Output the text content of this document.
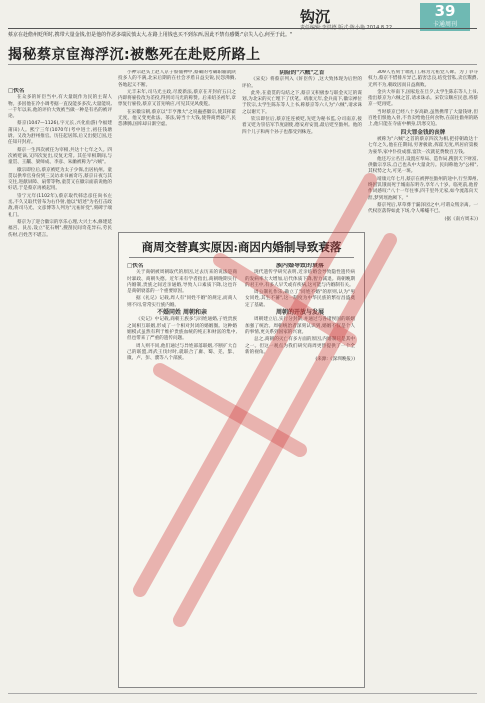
39
卡通周刊
钩沉
蔡京在赴儋州贬所时,携带大量金钱,但是他的作恶多端民愤太大,在路上用钱也买不到东西,因此不禁有感慨:"京失人心,何至于此。"
揭秘蔡京宦海浮沉:被憋死在赴贬所路上

□佚名

在众多的奸臣当中,有大量既作为民的主谋人物。多因他在冷小调考据一直没能多多次,大量能说,一千年以来,他的评价大致被当做一种是有名的被评论。

蔡京(1047—1126),字元长,兴化仙游(今福建莆田)人。熙宁三年(1070年)考中进士,初任钱塘尉。又改为舒州推官。历任起居郎,后又出使辽国,还任知开封府。

蔡京一生四次被任为宰相,共达十七年之久。四次被贬谪,又四次复出,反复无常。其任宰相期间,与童贯、王黼、梁师成、李彦、朱勔被称为"六贼"。

徽宗即位后,蔡京被贬为太子少保,出居杭州。童贯以供奉官身份到三吴访求书画奇巧,蔡京日夜与其交往,进献屏障、扇带等物,童贯又在徽宗面前说他的好话,于是蔡京再被起用。

崇宁元年(1102年),蔡京取代韩忠彦任尚书左丞,不久又取代曾布为右仆射,他以"绍述"为名打击政敌,将司马光、文彦博等人列为"元祐奸党",刻碑于端礼门。

蔡京为了迎合徽宗的享乐心理,大兴土木,修建延福宫、艮岳,设立"花石纲",搜刮民间奇花异石,劳民伤财,百姓苦不堪言。

小神宗赵头上赵人京子蔡俑神中,蔡确的考确职输就陕投多人的不满,北宋后期的在社会矛盾日益尖锐,民怨沸腾,各地起义不断。

元丰末年,司马光主政,尽废新法,蔡京在开封府五日之内即将雇役改为差役,得到司马光的称赞。后来绍圣初年,章惇复行雇役,蔡京又首先响应,可见其见风使舵。

在宋徽宗朝,蔡京以"丰亨豫大"之说蛊惑徽宗,使其挥霍无度。他又变更盐法、茶法,铸当十大钱,使得商贾破产,民怨沸腾,国库却日渐空虚。

阴险的"六贼"之首

《宋史》将蔡京列入《奸臣传》,这大致体现为后世的评价。

此外,在童贯的勾结之下,蔡京又积极参与联金灭辽的谋划,为北宋的灭亡埋下了伏笔。靖康元年,金兵南下,徽宗禅位于钦宗,太学生陈东等人上书,称蔡京等六人为"六贼",请求诛之以谢天下。

钦宗即位后,蔡京连连被贬,先贬为秘书监,分司南京,接着又贬为崇信军节度副使,德安府安置,最后贬至儋州。他的四个儿子和两个孙子也都受到株连。

309人名刻于端礼门,称为元祐党人碑。为了争夺权力,蔡京不惜排斥异己,陷害忠良,结党营私,卖官鬻爵,无所不为,朝政因而日益腐败。

金兵大举南下,国家危在旦夕,太学生陈东等人上书,指出蔡京为六贼之首,请求诛杀。宋钦宗顺应民意,将蔡京一贬再贬。

当时蔡京已经八十岁高龄,虽然携带了大量钱财,但百姓们恨他入骨,不肯卖给他任何食物,在前往儋州的路上,他只能在寺庙中栖身,饥寒交迫。

四大罪金钱的丧牌

被称为"六贼"之首的蔡京四次为相,把持朝政达十七年之久,他在任期间,穷奢极欲,挥霍无度,所居府第极为豪华,家中仆役成群,宴饮一次就花费数百万钱。

他还巧立名目,设置应奉局、造作局,搜刮天下财富,供徽宗享乐,自己也从中大量贪污。民间称他为"公相",其权势之大,可见一斑。

靖康元年七月,蔡京在被押往儋州的途中,行至潭州,终因饥饿而死于城南东明寺,享年八十岁。临死前,他曾作词感叹:"八十一年往事,四千里外无家,如今流落向天涯,梦到瑶池阙下。"

蔡京死后,草草葬于漏泽园之中,可谓众叛亲离。一代权臣落得如此下场,令人唏嘘不已。

(据《南方周末》)

商周交替真实原因:商因内婚制导致衰落

□佚名

关于商朝被周朝取代的原因,过去历来的说法是商纣暴政、商朝失德。近年来有学者指出,商朝晚期实行内婚制,贵族之间近亲通婚,导致人口素质下降,这也许是商朝衰落的一个重要原因。

据《礼记》记载,周人有"同姓不婚"的规定,而商人则不同,常常实行族内婚。

不婚同姓 周朝和亲

《史记》中记载,商朝王族多与同姓通婚,子姓贵族之间相互联姻,形成了一个相对封闭的婚姻圈。这种婚姻模式虽然有利于维护贵族血统的纯正和财富的集中,但也带来了严重的遗传问题。

周人则不同,他们通过与异姓部落联姻,不断扩大自己的联盟,周武王伐纣时,就联合了庸、蜀、羌、髳、微、卢、彭、濮等八个部族。

族内婚导致的衰落

现代遗传学研究表明,近亲结婚会导致隐性遗传病的发病率大大增加,后代体质下降,智力减退。商朝晚期的君王中,有多人早夭或有疾病,这可能与内婚制有关。

周公制礼作乐,确立了"同姓不婚"的原则,认为"男女同姓,其生不蕃",这一制度为中华民族的繁衍昌盛奠定了基础。

周朝的开放与发展

周朝建立后,实行分封制,并通过与各诸侯国的联姻加强了统治。周朝统治者深刻认识到,婚姻不仅是个人的事情,更关系到国家的兴衰。

总之,商朝的灭亡有多方面的原因,内婚制只是其中之一。但这一观点为我们研究商周更替提供了一个全新的视角。

(来源:《深圳晚报》)
